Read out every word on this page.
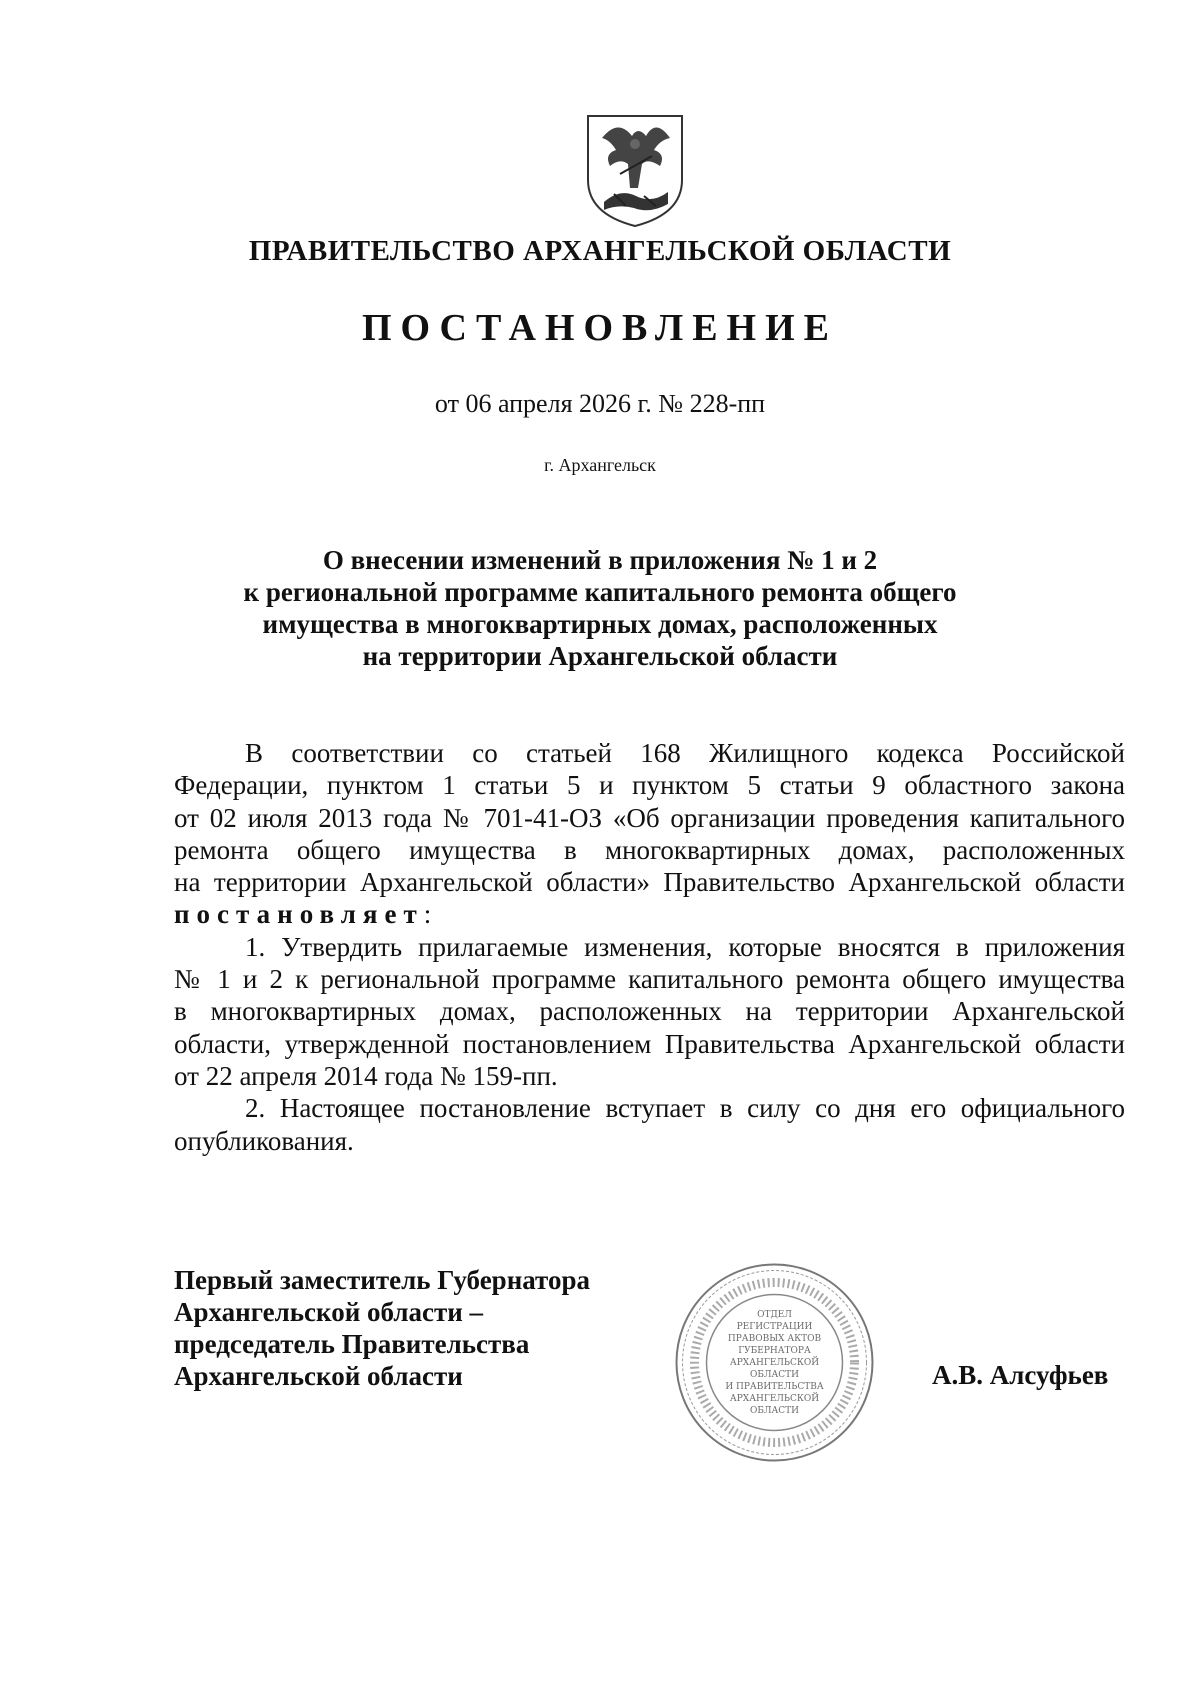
ПРАВИТЕЛЬСТВО АРХАНГЕЛЬСКОЙ ОБЛАСТИ
ПОСТАНОВЛЕНИЕ
от 06 апреля 2026 г. № 228-пп
г. Архангельск
О внесении изменений в приложения № 1 и 2
к региональной программе капитального ремонта общего
имущества в многоквартирных домах, расположенных
на территории Архангельской области
В соответствии со статьей 168 Жилищного кодекса Российской
Федерации, пунктом 1 статьи 5 и пунктом 5 статьи 9 областного закона
от 02 июля 2013 года № 701-41-ОЗ «Об организации проведения капитального
ремонта общего имущества в многоквартирных домах, расположенных
на территории Архангельской области» Правительство Архангельской области
постановляет:
1. Утвердить прилагаемые изменения, которые вносятся в приложения
№ 1 и 2 к региональной программе капитального ремонта общего имущества
в многоквартирных домах, расположенных на территории Архангельской
области, утвержденной постановлением Правительства Архангельской области
от 22 апреля 2014 года № 159-пп.
2. Настоящее постановление вступает в силу со дня его официального
опубликования.
Первый заместитель Губернатора
Архангельской области –
председатель Правительства
Архангельской области
ОТДЕЛ
РЕГИСТРАЦИИ
ПРАВОВЫХ АКТОВ
ГУБЕРНАТОРА
АРХАНГЕЛЬСКОЙ
ОБЛАСТИ
И ПРАВИТЕЛЬСТВА
АРХАНГЕЛЬСКОЙ
ОБЛАСТИ
А.В. Алсуфьев
